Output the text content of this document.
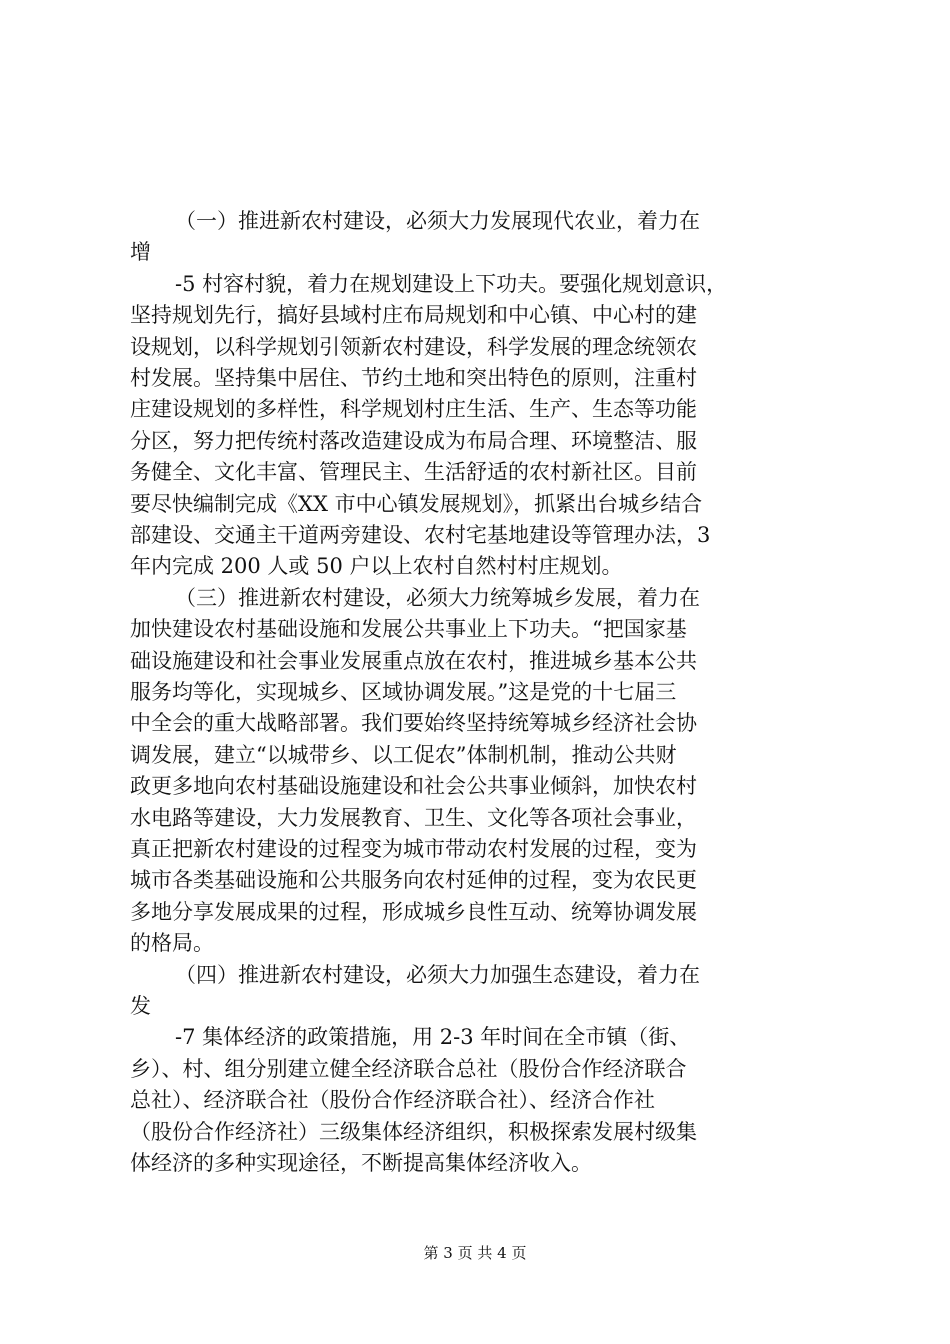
（一）推进新农村建设，必须大力发展现代农业，着力在
增
-5 村容村貌，着力在规划建设上下功夫。要强化规划意识，
坚持规划先行，搞好县域村庄布局规划和中心镇、中心村的建
设规划，以科学规划引领新农村建设，科学发展的理念统领农
村发展。坚持集中居住、节约土地和突出特色的原则，注重村
庄建设规划的多样性，科学规划村庄生活、生产、生态等功能
分区，努力把传统村落改造建设成为布局合理、环境整洁、服
务健全、文化丰富、管理民主、生活舒适的农村新社区。目前
要尽快编制完成《XX 市中心镇发展规划》，抓紧出台城乡结合
部建设、交通主干道两旁建设、农村宅基地建设等管理办法，3
年内完成 200 人或 50 户以上农村自然村村庄规划。
（三）推进新农村建设，必须大力统筹城乡发展，着力在
加快建设农村基础设施和发展公共事业上下功夫。“把国家基
础设施建设和社会事业发展重点放在农村，推进城乡基本公共
服务均等化，实现城乡、区域协调发展。”这是党的十七届三
中全会的重大战略部署。我们要始终坚持统筹城乡经济社会协
调发展，建立“以城带乡、以工促农”体制机制，推动公共财
政更多地向农村基础设施建设和社会公共事业倾斜，加快农村
水电路等建设，大力发展教育、卫生、文化等各项社会事业，
真正把新农村建设的过程变为城市带动农村发展的过程，变为
城市各类基础设施和公共服务向农村延伸的过程，变为农民更
多地分享发展成果的过程，形成城乡良性互动、统筹协调发展
的格局。
（四）推进新农村建设，必须大力加强生态建设，着力在
发
-7 集体经济的政策措施，用 2-3 年时间在全市镇（街、
乡）、村、组分别建立健全经济联合总社（股份合作经济联合
总社）、经济联合社（股份合作经济联合社）、经济合作社
（股份合作经济社）三级集体经济组织，积极探索发展村级集
体经济的多种实现途径，不断提高集体经济收入。
第 3 页 共 4 页
